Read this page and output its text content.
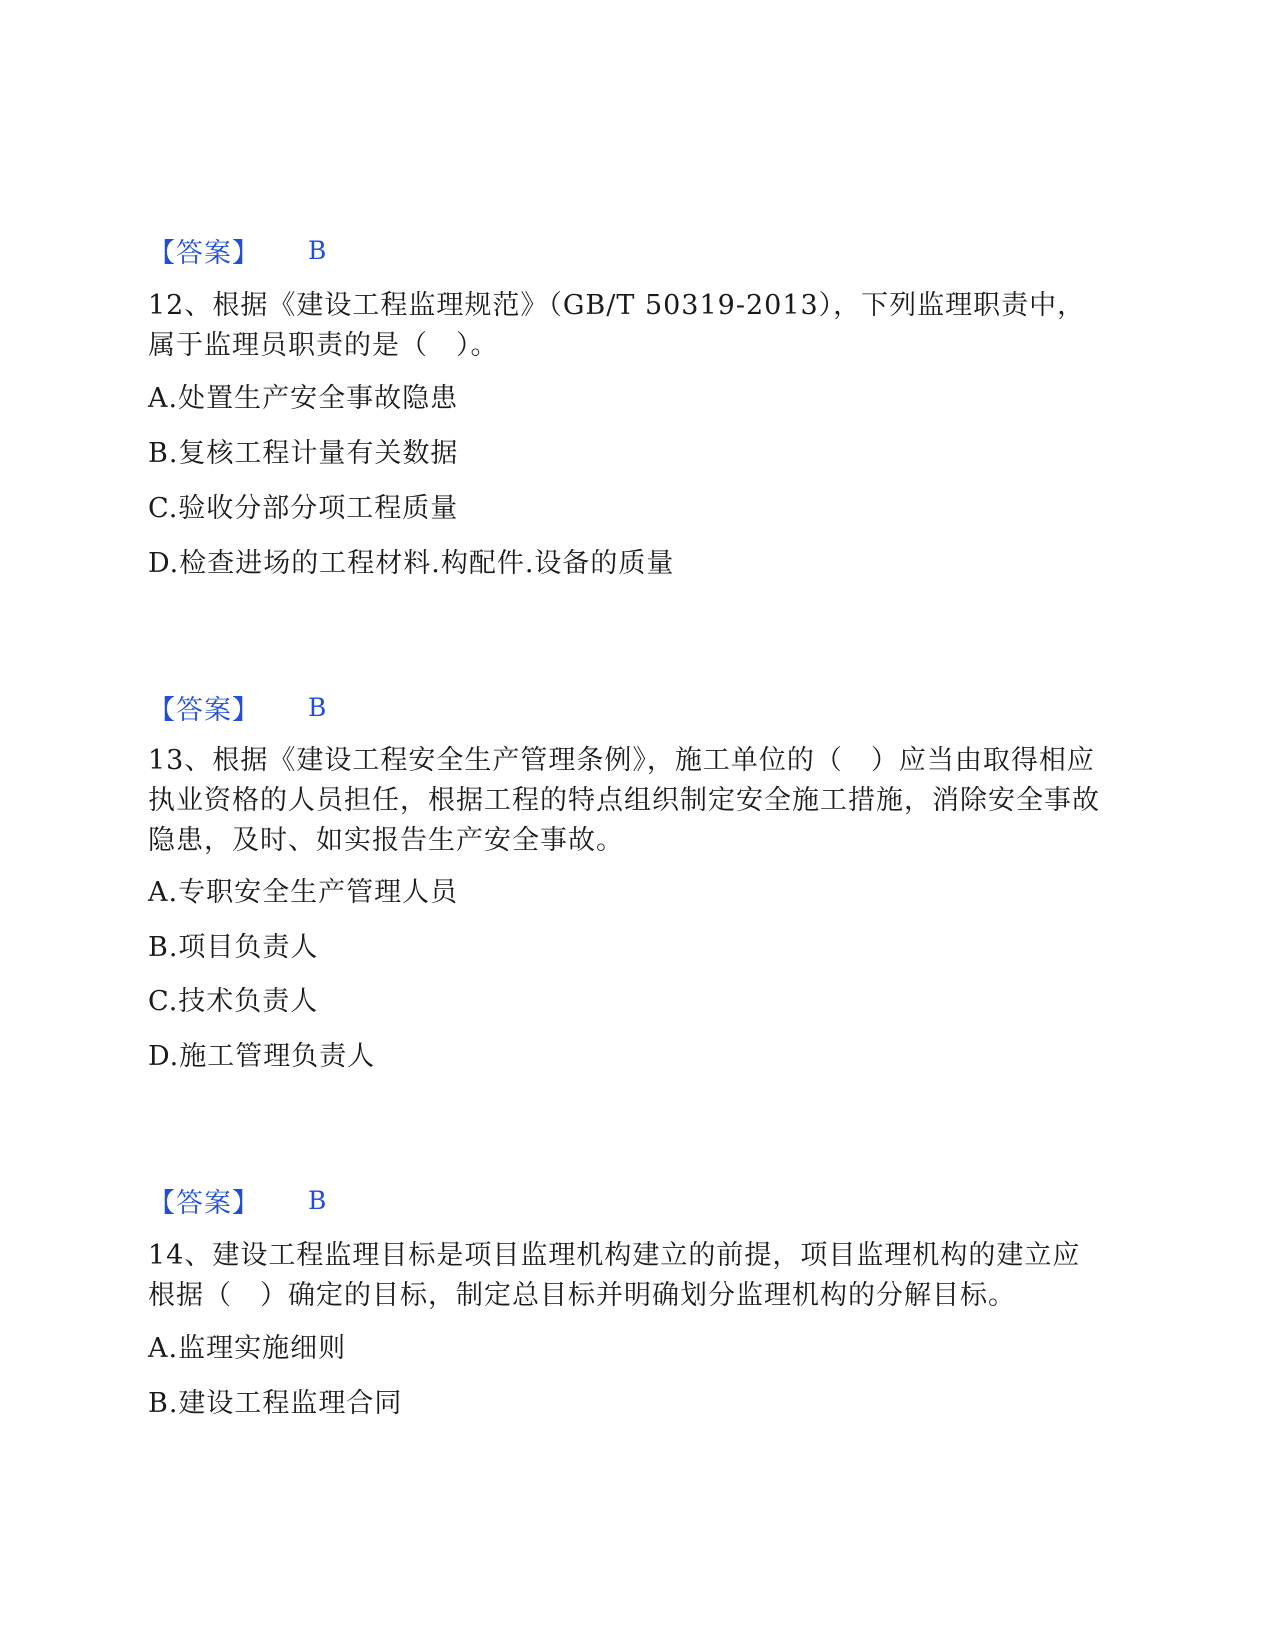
【答案】 B

12、根据《建设工程监理规范》（GB/T 50319-2013），下列监理职责中，属于监理员职责的是（　）。

A.处置生产安全事故隐患
B.复核工程计量有关数据
C.验收分部分项工程质量
D.检查进场的工程材料.构配件.设备的质量
【答案】 B

13、根据《建设工程安全生产管理条例》，施工单位的（　）应当由取得相应执业资格的人员担任，根据工程的特点组织制定安全施工措施，消除安全事故隐患，及时、如实报告生产安全事故。

A.专职安全生产管理人员
B.项目负责人
C.技术负责人
D.施工管理负责人
【答案】 B

14、建设工程监理目标是项目监理机构建立的前提，项目监理机构的建立应根据（　）确定的目标，制定总目标并明确划分监理机构的分解目标。

A.监理实施细则
B.建设工程监理合同
